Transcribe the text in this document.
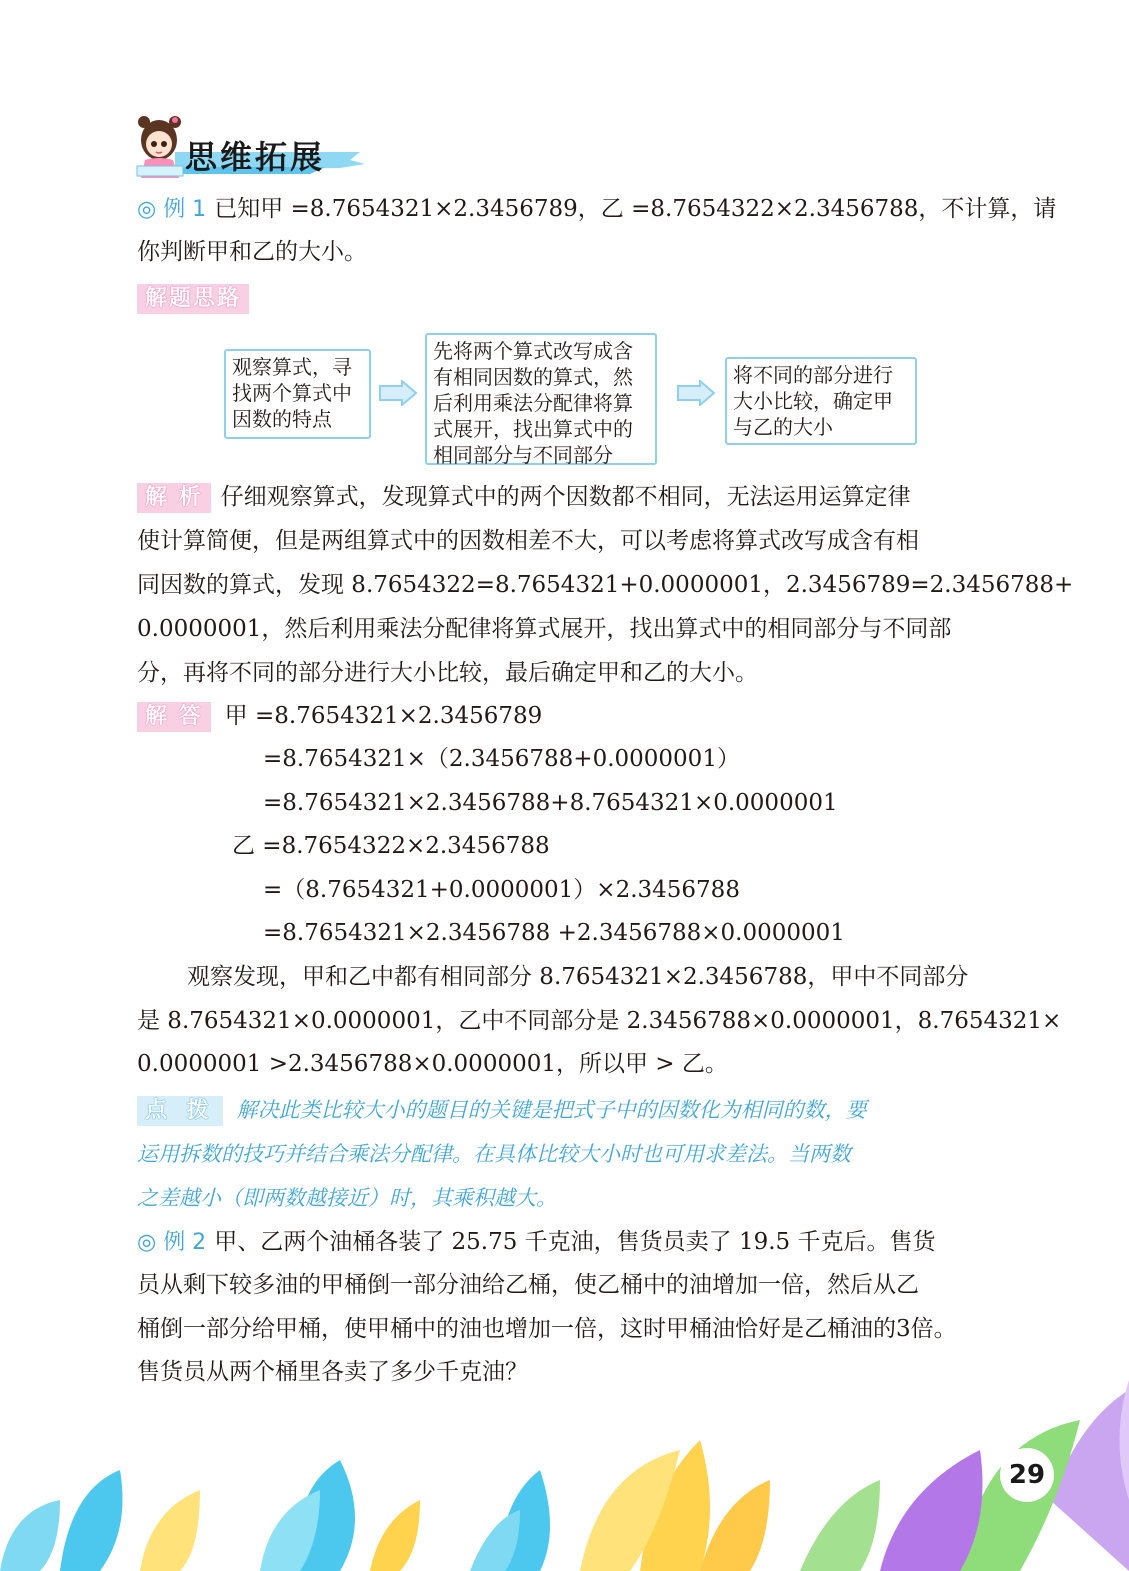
思维拓展
◎ 例 1 已知甲 =8.7654321×2.3456789，乙 =8.7654322×2.3456788，不计算，请
你判断甲和乙的大小。
解题思路
观察算式，寻
找两个算式中
因数的特点
先将两个算式改写成含
有相同因数的算式，然
后利用乘法分配律将算
式展开，找出算式中的
相同部分与不同部分
将不同的部分进行
大小比较，确定甲
与乙的大小
解 析 仔细观察算式，发现算式中的两个因数都不相同，无法运用运算定律
使计算简便，但是两组算式中的因数相差不大，可以考虑将算式改写成含有相
同因数的算式，发现 8.7654322=8.7654321+0.0000001，2.3456789=2.3456788+
0.0000001，然后利用乘法分配律将算式展开，找出算式中的相同部分与不同部
分，再将不同的部分进行大小比较，最后确定甲和乙的大小。
解 答 甲 =8.7654321×2.3456789
=8.7654321×（2.3456788+0.0000001）
=8.7654321×2.3456788+8.7654321×0.0000001
乙 =8.7654322×2.3456788
=（8.7654321+0.0000001）×2.3456788
=8.7654321×2.3456788 +2.3456788×0.0000001
观察发现，甲和乙中都有相同部分 8.7654321×2.3456788，甲中不同部分
是 8.7654321×0.0000001，乙中不同部分是 2.3456788×0.0000001，8.7654321×
0.0000001 >2.3456788×0.0000001，所以甲 > 乙。
点 拨 解决此类比较大小的题目的关键是把式子中的因数化为相同的数，要
运用拆数的技巧并结合乘法分配律。在具体比较大小时也可用求差法。当两数
之差越小（即两数越接近）时，其乘积越大。
◎ 例 2 甲、乙两个油桶各装了 25.75 千克油，售货员卖了 19.5 千克后。售货
员从剩下较多油的甲桶倒一部分油给乙桶，使乙桶中的油增加一倍，然后从乙
桶倒一部分给甲桶，使甲桶中的油也增加一倍，这时甲桶油恰好是乙桶油的3倍。
售货员从两个桶里各卖了多少千克油？
29
